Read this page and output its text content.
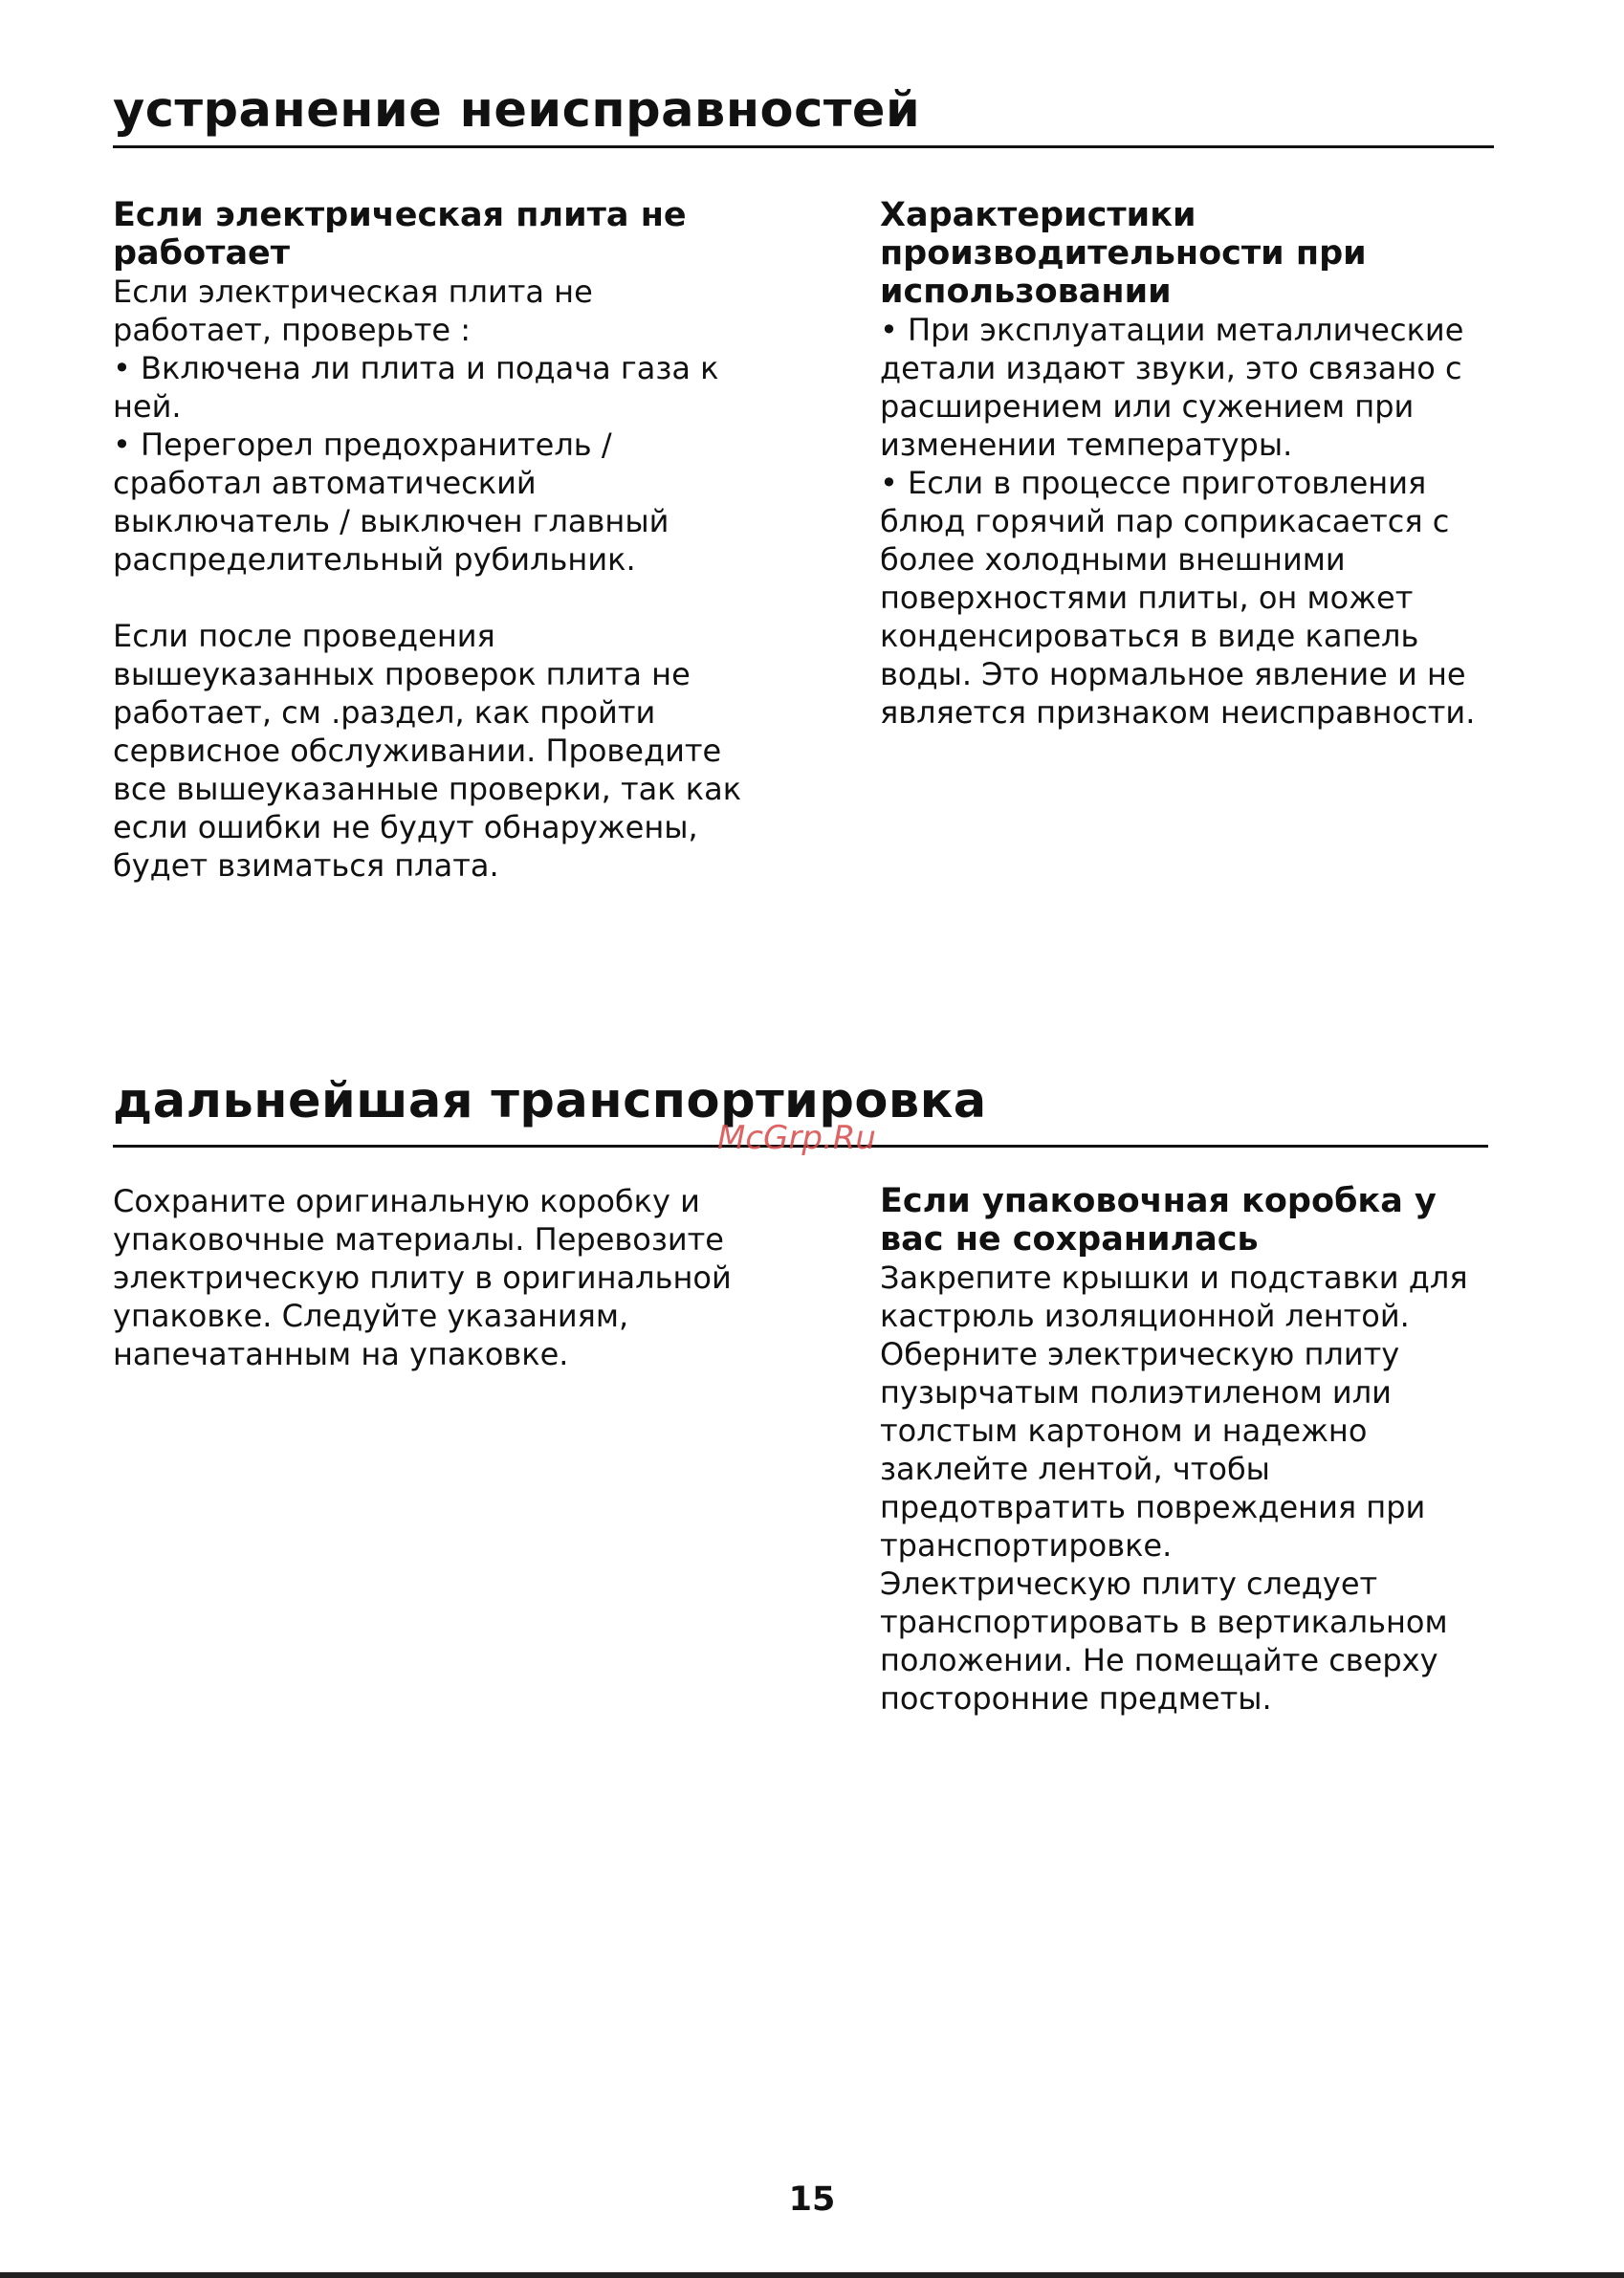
устранение неисправностей

Если электрическая плита не работает

Если электрическая плита не работает, проверьте :

• Включена ли плита и подача газа к ней.

• Перегорел предохранитель / сработал автоматический выключатель / выключен главный распределительный рубильник.

Если после проведения вышеуказанных проверок плита не работает, см .раздел, как пройти сервисное обслуживании. Проведите все вышеуказанные проверки, так как если ошибки не будут обнаружены, будет взиматься плата.

Характеристики производительности при использовании

• При эксплуатации металлические детали издают звуки, это связано с расширением или сужением при изменении температуры.

• Если в процессе приготовления блюд горячий пар соприкасается с более холодными внешними поверхностями плиты, он может конденсироваться в виде капель воды. Это нормальное явление и не является признаком неисправности.

дальнейшая транспортировка
McGrp.Ru

Сохраните оригинальную коробку и упаковочные материалы. Перевозите электрическую плиту в оригинальной упаковке. Следуйте указаниям, напечатанным на упаковке.

Если упаковочная коробка у вас не сохранилась

Закрепите крышки и подставки для кастрюль изоляционной лентой. Оберните электрическую плиту пузырчатым полиэтиленом или толстым картоном и надежно заклейте лентой, чтобы предотвратить повреждения при транспортировке.

Электрическую плиту следует транспортировать в вертикальном положении. Не помещайте сверху посторонние предметы.

15
